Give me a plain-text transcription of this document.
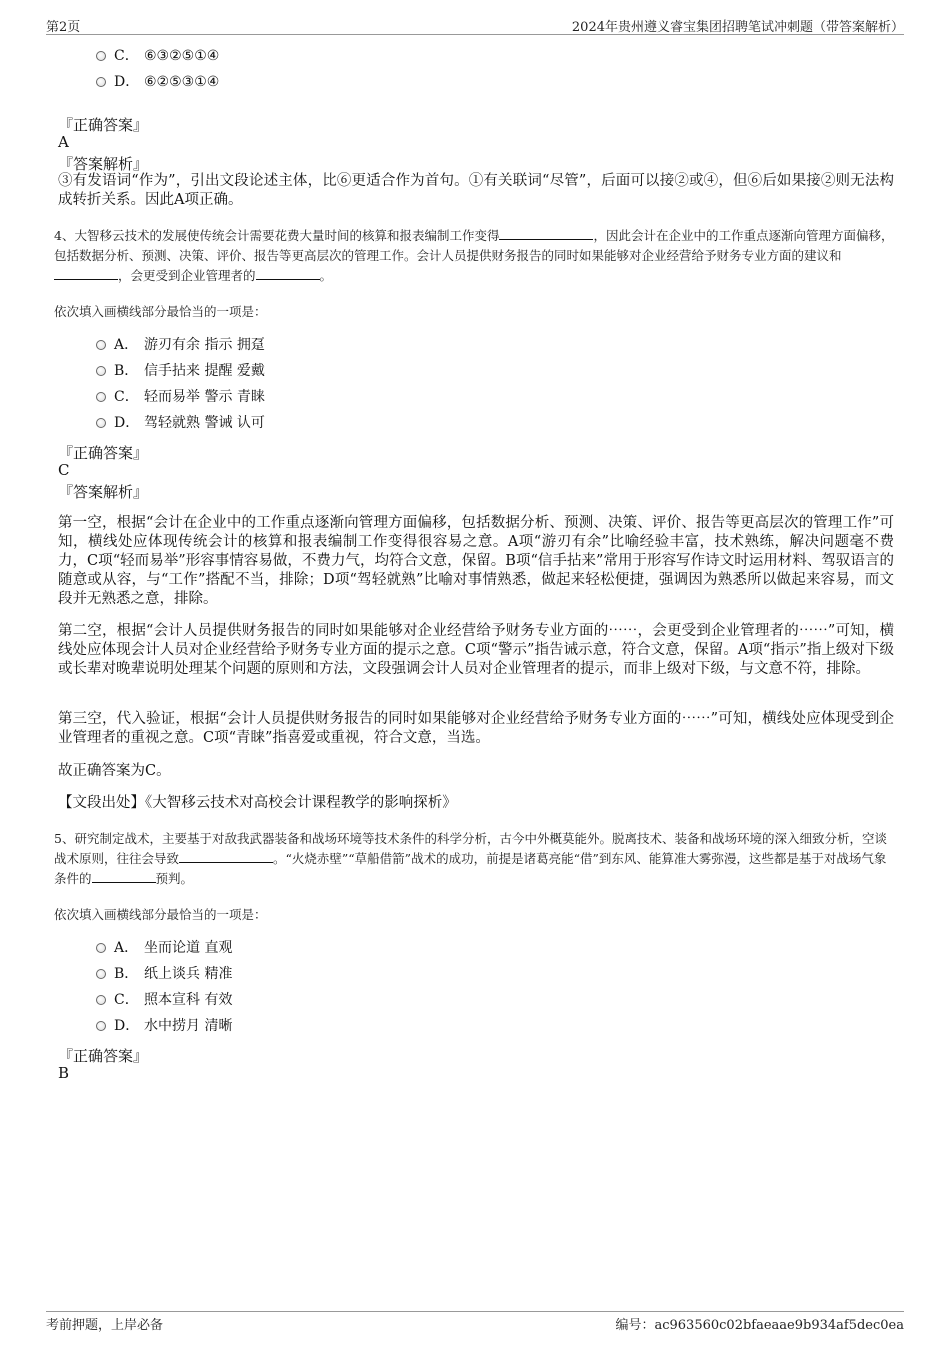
第2页	2024年贵州遵义睿宝集团招聘笔试冲刺题（带答案解析）
C． ⑥③②⑤①④
D． ⑥②⑤③①④
『正确答案』
A
『答案解析』
③有发语词“作为”，引出文段论述主体，比⑥更适合作为首句。①有关联词“尽管”，后面可以接②或④，但⑥后如果接②则无法构成转折关系。因此A项正确。
4、大智移云技术的发展使传统会计需要花费大量时间的核算和报表编制工作变得	，因此会计在企业中的工作重点逐渐向管理方面偏移，包括数据分析、预测、决策、评价、报告等更高层次的管理工作。会计人员提供财务报告的同时如果能够对企业经营给予财务专业方面的建议和，会更受到企业管理者的	。
依次填入画横线部分最恰当的一项是：
A． 游刃有余 指示 拥趸
B． 信手拈来 提醒 爱戴
C． 轻而易举 警示 青睐
D． 驾轻就熟 警诫 认可
『正确答案』
C
『答案解析』
第一空，根据“会计在企业中的工作重点逐渐向管理方面偏移，包括数据分析、预测、决策、评价、报告等更高层次的管理工作”可知，横线处应体现传统会计的核算和报表编制工作变得很容易之意。A项“游刃有余”比喻经验丰富，技术熟练，解决问题毫不费力，C项“轻而易举”形容事情容易做，不费力气，均符合文意，保留。B项“信手拈来”常用于形容写作诗文时运用材料、驾驭语言的随意或从容，与“工作”搭配不当，排除；D项“驾轻就熟”比喻对事情熟悉，做起来轻松便捷，强调因为熟悉所以做起来容易，而文段并无熟悉之意，排除。
第二空，根据“会计人员提供财务报告的同时如果能够对企业经营给予财务专业方面的⋯⋯，会更受到企业管理者的⋯⋯”可知，横线处应体现会计人员对企业经营给予财务专业方面的提示之意。C项“警示”指告诫示意，符合文意，保留。A项“指示”指上级对下级或长辈对晚辈说明处理某个问题的原则和方法，文段强调会计人员对企业管理者的提示，而非上级对下级，与文意不符，排除。
第三空，代入验证，根据“会计人员提供财务报告的同时如果能够对企业经营给予财务专业方面的⋯⋯”可知，横线处应体现受到企业管理者的重视之意。C项“青睐”指喜爱或重视，符合文意，当选。
故正确答案为C。
【文段出处】《大智移云技术对高校会计课程教学的影响探析》
5、研究制定战术，主要基于对敌我武器装备和战场环境等技术条件的科学分析，古今中外概莫能外。脱离技术、装备和战场环境的深入细致分析，空谈战术原则，往往会导致	。“火烧赤壁”“草船借箭”战术的成功，前提是诸葛亮能“借”到东风、能算准大雾弥漫，这些都是基于对战场气象条件的	预判。
依次填入画横线部分最恰当的一项是：
A． 坐而论道 直观
B． 纸上谈兵 精准
C． 照本宣科 有效
D． 水中捞月 清晰
『正确答案』
B
考前押题，上岸必备	编号：ac963560c02bfaeaae9b934af5dec0ea
